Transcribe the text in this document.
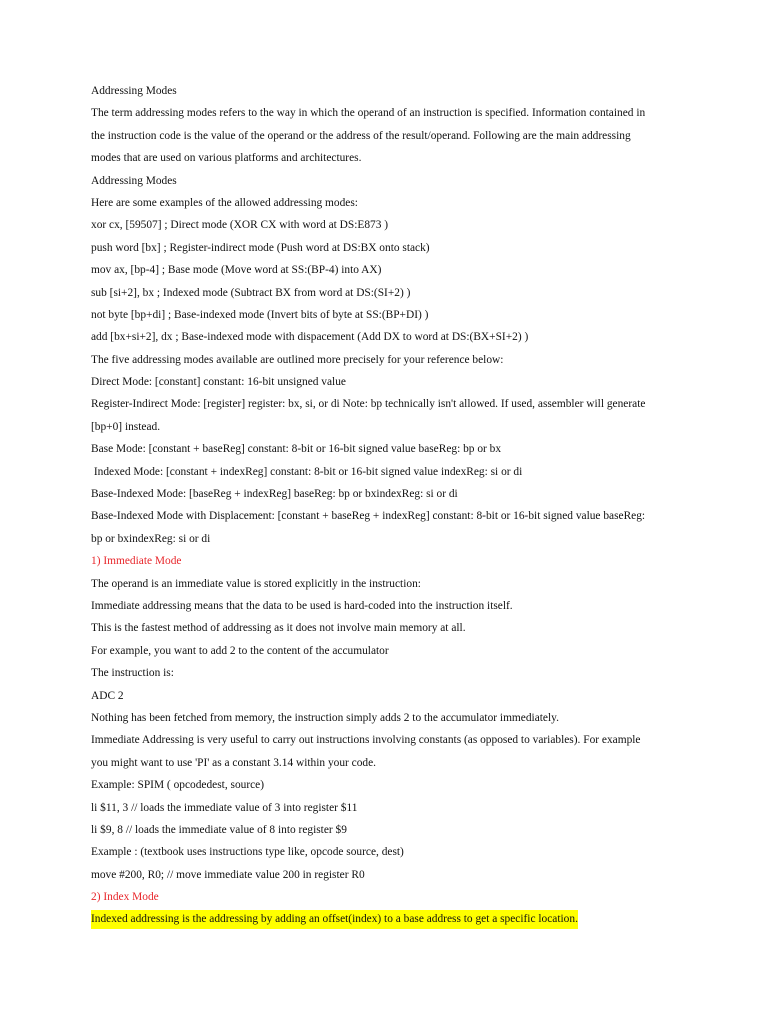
Addressing Modes
The term addressing modes refers to the way in which the operand of an instruction is specified. Information contained in
the instruction code is the value of the operand or the address of the result/operand. Following are the main addressing
modes that are used on various platforms and architectures.
Addressing Modes
Here are some examples of the allowed addressing modes:
xor cx, [59507] ; Direct mode (XOR CX with word at DS:E873 )
push word [bx] ; Register-indirect mode (Push word at DS:BX onto stack)
mov ax, [bp-4] ; Base mode (Move word at SS:(BP-4) into AX)
sub [si+2], bx ; Indexed mode (Subtract BX from word at DS:(SI+2) )
not byte [bp+di] ; Base-indexed mode (Invert bits of byte at SS:(BP+DI) )
add [bx+si+2], dx ; Base-indexed mode with dispacement (Add DX to word at DS:(BX+SI+2) )
The five addressing modes available are outlined more precisely for your reference below:
Direct Mode: [constant] constant: 16-bit unsigned value
Register-Indirect Mode: [register] register: bx, si, or di Note: bp technically isn't allowed. If used, assembler will generate
[bp+0] instead.
Base Mode: [constant + baseReg] constant: 8-bit or 16-bit signed value baseReg: bp or bx
Indexed Mode: [constant + indexReg] constant: 8-bit or 16-bit signed value indexReg: si or di
Base-Indexed Mode: [baseReg + indexReg] baseReg: bp or bxindexReg: si or di
Base-Indexed Mode with Displacement: [constant + baseReg + indexReg] constant: 8-bit or 16-bit signed value baseReg:
bp or bxindexReg: si or di
1) Immediate Mode
The operand is an immediate value is stored explicitly in the instruction:
Immediate addressing means that the data to be used is hard-coded into the instruction itself.
This is the fastest method of addressing as it does not involve main memory at all.
For example, you want to add 2 to the content of the accumulator
The instruction is:
ADC 2
Nothing has been fetched from memory, the instruction simply adds 2 to the accumulator immediately.
Immediate Addressing is very useful to carry out instructions involving constants (as opposed to variables). For example
you might want to use 'PI' as a constant 3.14 within your code.
Example: SPIM ( opcodedest, source)
li $11, 3 // loads the immediate value of 3 into register $11
li $9, 8 // loads the immediate value of 8 into register $9
Example : (textbook uses instructions type like, opcode source, dest)
move #200, R0; // move immediate value 200 in register R0
2) Index Mode
Indexed addressing is the addressing by adding an offset(index) to a base address to get a specific location.
